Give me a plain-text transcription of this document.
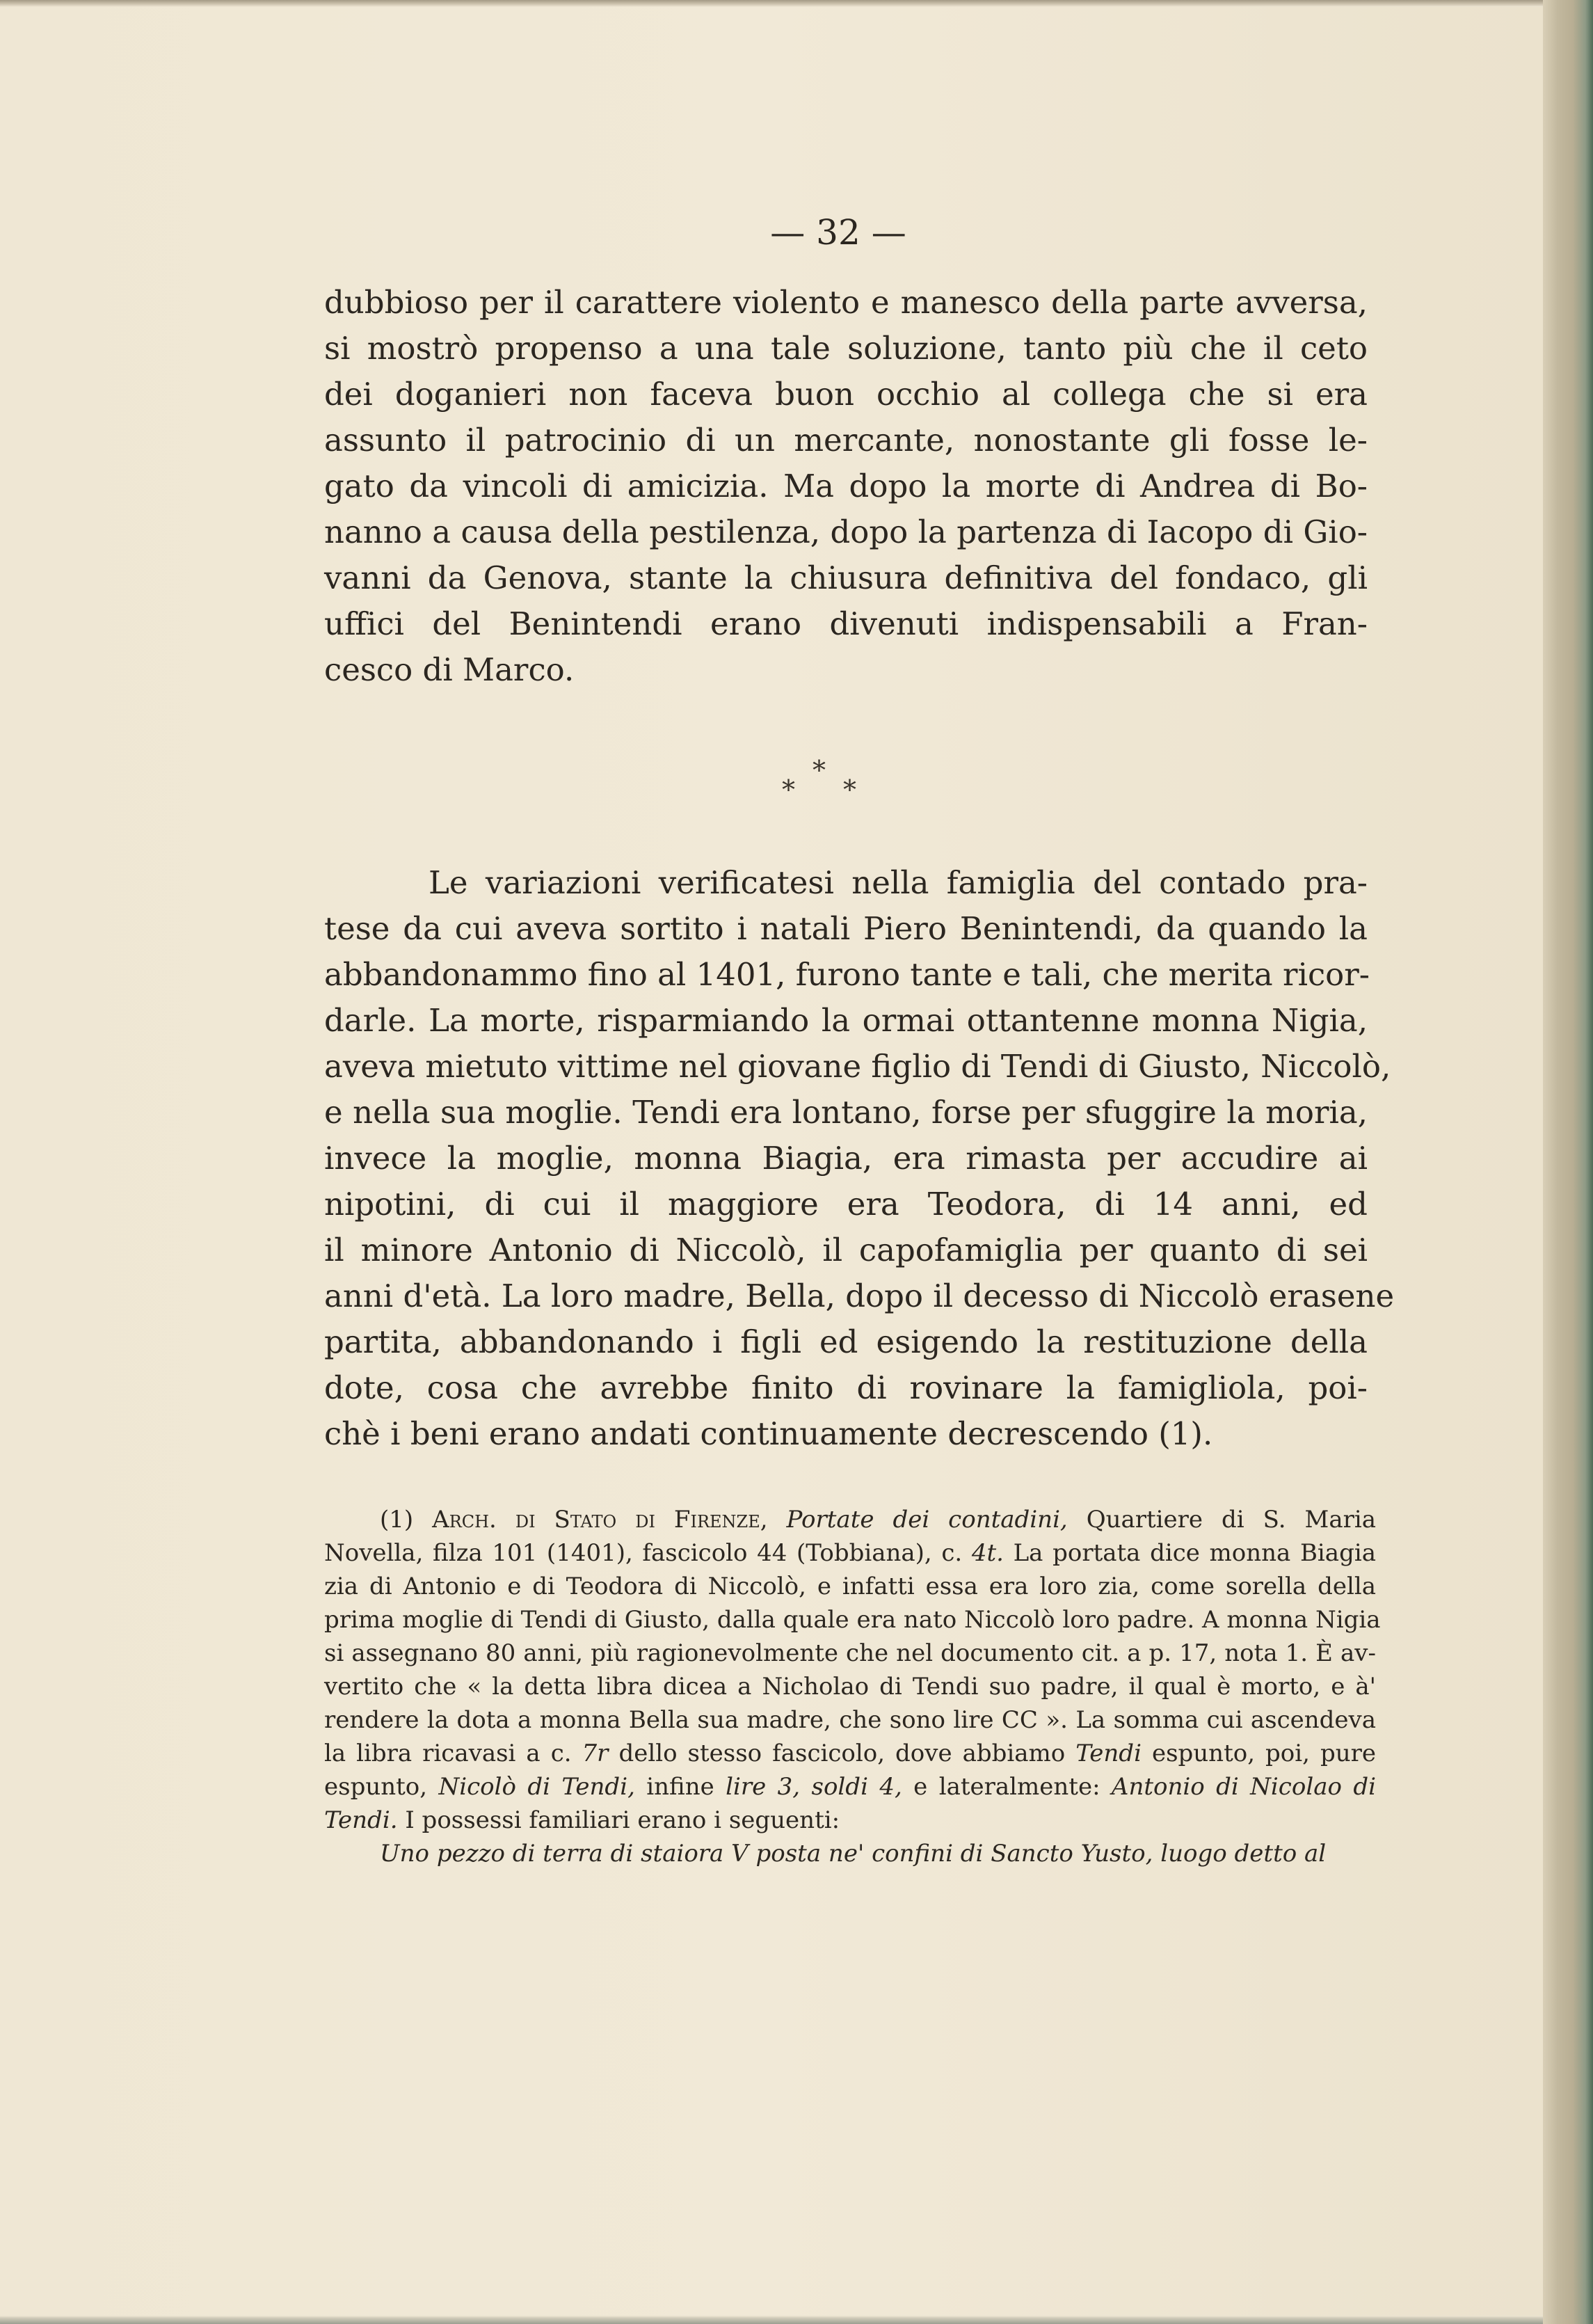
— 32 —
dubbioso per il carattere violento e manesco della parte avversa,
si mostrò propenso a una tale soluzione, tanto più che il ceto
dei doganieri non faceva buon occhio al collega che si era
assunto il patrocinio di un mercante, nonostante gli fosse le-
gato da vincoli di amicizia. Ma dopo la morte di Andrea di Bo-
nanno a causa della pestilenza, dopo la partenza di Iacopo di Gio-
vanni da Genova, stante la chiusura definitiva del fondaco, gli
uffici del Benintendi erano divenuti indispensabili a Fran-
cesco di Marco.
*
* *
Le variazioni verificatesi nella famiglia del contado pra-
tese da cui aveva sortito i natali Piero Benintendi, da quando la
abbandonammo fino al 1401, furono tante e tali, che merita ricor-
darle. La morte, risparmiando la ormai ottantenne monna Nigia,
aveva mietuto vittime nel giovane figlio di Tendi di Giusto, Niccolò,
e nella sua moglie. Tendi era lontano, forse per sfuggire la moria,
invece la moglie, monna Biagia, era rimasta per accudire ai
nipotini, di cui il maggiore era Teodora, di 14 anni, ed
il minore Antonio di Niccolò, il capofamiglia per quanto di sei
anni d'età. La loro madre, Bella, dopo il decesso di Niccolò erasene
partita, abbandonando i figli ed esigendo la restituzione della
dote, cosa che avrebbe finito di rovinare la famigliola, poi-
chè i beni erano andati continuamente decrescendo (1).
(1) Arch. di Stato di Firenze, Portate dei contadini, Quartiere di S. Maria
Novella, filza 101 (1401), fascicolo 44 (Tobbiana), c. 4t. La portata dice monna Biagia
zia di Antonio e di Teodora di Niccolò, e infatti essa era loro zia, come sorella della
prima moglie di Tendi di Giusto, dalla quale era nato Niccolò loro padre. A monna Nigia
si assegnano 80 anni, più ragionevolmente che nel documento cit. a p. 17, nota 1. È av-
vertito che « la detta libra dicea a Nicholao di Tendi suo padre, il qual è morto, e à'
rendere la dota a monna Bella sua madre, che sono lire CC ». La somma cui ascendeva
la libra ricavasi a c. 7r dello stesso fascicolo, dove abbiamo Tendi espunto, poi, pure
espunto, Nicolò di Tendi, infine lire 3, soldi 4, e lateralmente: Antonio di Nicolao di
Tendi. I possessi familiari erano i seguenti:
Uno pezzo di terra di staiora V posta ne' confini di Sancto Yusto, luogo detto al
